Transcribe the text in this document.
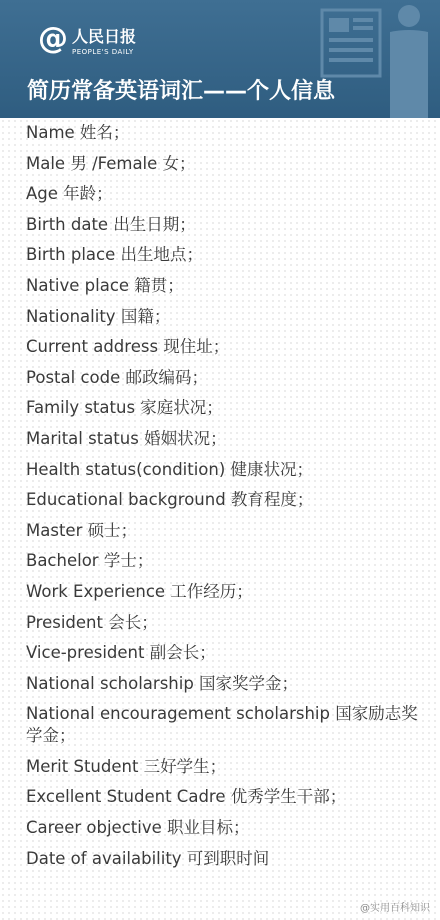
@ 人民日报
PEOPLE'S DAILY
简历常备英语词汇——个人信息
Name 姓名；
Male 男 /Female 女；
Age 年龄；
Birth date 出生日期；
Birth place 出生地点；
Native place 籍贯；
Nationality 国籍；
Current address 现住址；
Postal code 邮政编码；
Family status 家庭状况；
Marital status 婚姻状况；
Health status(condition) 健康状况；
Educational background 教育程度；
Master 硕士；
Bachelor 学士；
Work Experience 工作经历；
President 会长；
Vice-president 副会长；
National scholarship 国家奖学金；
National encouragement scholarship 国家励志奖学金；
Merit Student 三好学生；
Excellent Student Cadre 优秀学生干部；
Career objective 职业目标；
Date of availability 可到职时间
@实用百科知识
